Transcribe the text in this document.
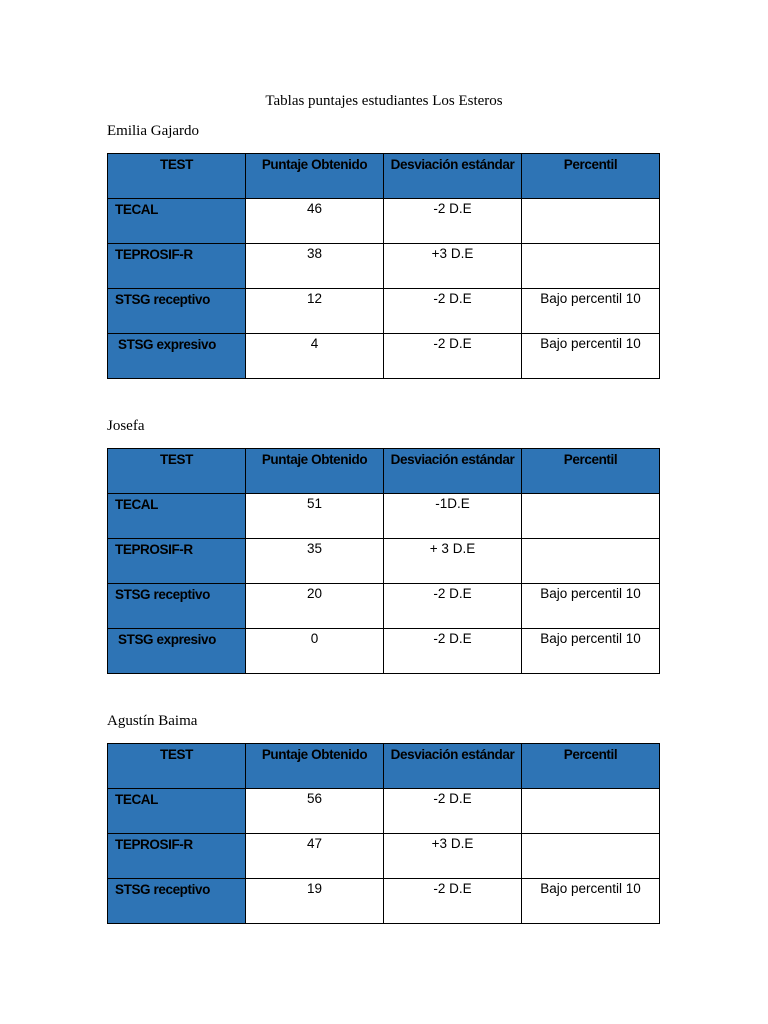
Tablas puntajes estudiantes Los Esteros
Emilia Gajardo
TEST	Puntaje Obtenido	Desviación estándar	Percentil
TECAL	46	-2 D.E	
TEPROSIF-R	38	+3 D.E	
STSG receptivo	12	-2 D.E	Bajo percentil 10
STSG expresivo	4	-2 D.E	Bajo percentil 10
Josefa
TEST	Puntaje Obtenido	Desviación estándar	Percentil
TECAL	51	-1D.E	
TEPROSIF-R	35	+ 3 D.E	
STSG receptivo	20	-2 D.E	Bajo percentil 10
STSG expresivo	0	-2 D.E	Bajo percentil 10
Agustín Baima
TEST	Puntaje Obtenido	Desviación estándar	Percentil
TECAL	56	-2 D.E	
TEPROSIF-R	47	+3 D.E	
STSG receptivo	19	-2 D.E	Bajo percentil 10
